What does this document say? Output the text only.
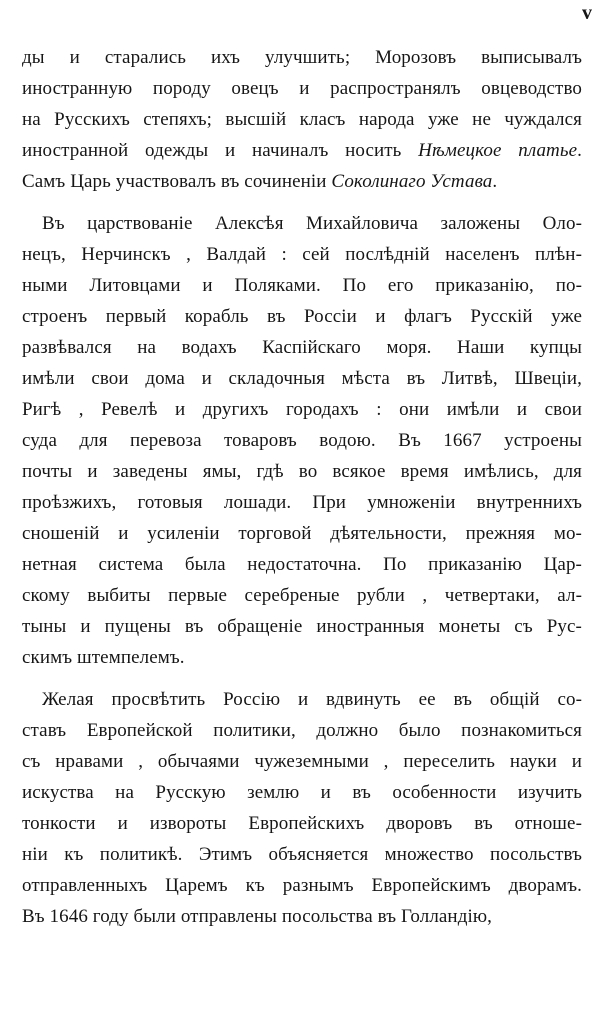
v
ды и старались ихъ улучшить; Морозовъ выписывалъ
иностранную породу овецъ и распространялъ овцеводство
на Русскихъ степяхъ; высшій класъ народа уже не чуждался
иностранной одежды и начиналъ носить Нѣмецкое платье.
Самъ Царь участвовалъ въ сочиненіи Соколинаго Устава.
Въ царствованіе Алексѣя Михайловича заложены Оло-
нецъ, Нерчинскъ , Валдай : сей послѣдній населенъ плѣн-
ными Литовцами и Поляками. По его приказанію, по-
строенъ первый корабль въ Россіи и флагъ Русскій уже
развѣвался на водахъ Каспійскаго моря. Наши купцы
имѣли свои дома и складочныя мѣста въ Литвѣ, Швеціи,
Ригѣ , Ревелѣ и другихъ городахъ : они имѣли и свои
суда для перевоза товаровъ водою. Въ 1667 устроены
почты и заведены ямы, гдѣ во всякое время имѣлись, для
проѣзжихъ, готовыя лошади. При умноженіи внутреннихъ
сношеній и усиленіи торговой дѣятельности, прежняя мо-
нетная система была недостаточна. По приказанію Цар-
скому выбиты первые серебреные рубли , четвертаки, ал-
тыны и пущены въ обращеніе иностранныя монеты съ Рус-
скимъ штемпелемъ.
Желая просвѣтить Россію и вдвинуть ее въ общій со-
ставъ Европейской политики, должно было познакомиться
съ нравами , обычаями чужеземными , переселить науки и
искуства на Русскую землю и въ особенности изучить
тонкости и извороты Европейскихъ дворовъ въ отноше-
ніи къ политикѣ. Этимъ объясняется множество посольствъ
отправленныхъ Царемъ къ разнымъ Европейскимъ дворамъ.
Въ 1646 году были отправлены посольства въ Голландію,
